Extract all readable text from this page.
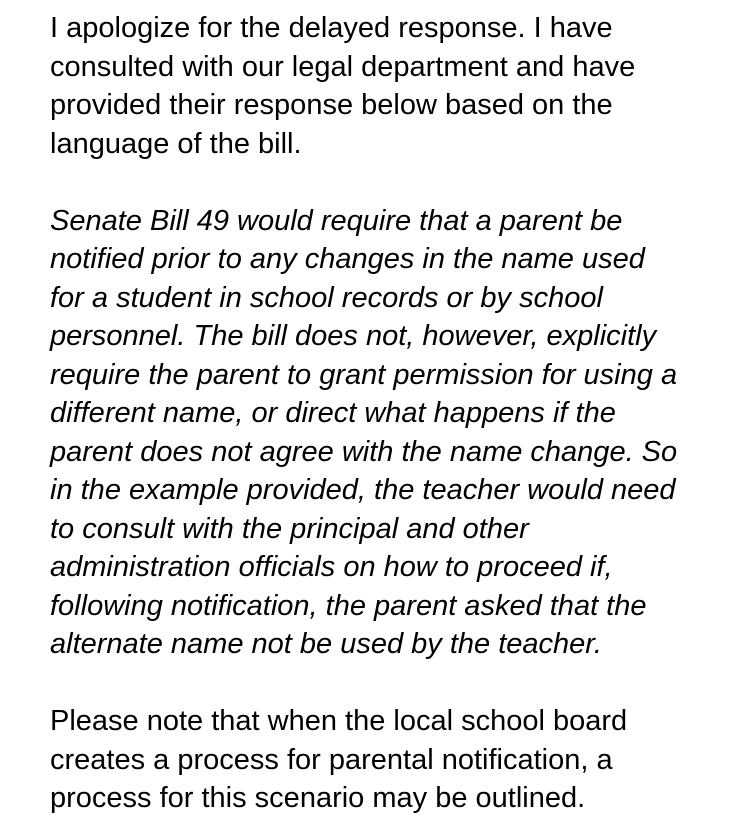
I apologize for the delayed response. I have
consulted with our legal department and have
provided their response below based on the
language of the bill.

Senate Bill 49 would require that a parent be
notified prior to any changes in the name used
for a student in school records or by school
personnel. The bill does not, however, explicitly
require the parent to grant permission for using a
different name, or direct what happens if the
parent does not agree with the name change. So
in the example provided, the teacher would need
to consult with the principal and other
administration officials on how to proceed if,
following notification, the parent asked that the
alternate name not be used by the teacher.

Please note that when the local school board
creates a process for parental notification, a
process for this scenario may be outlined.
